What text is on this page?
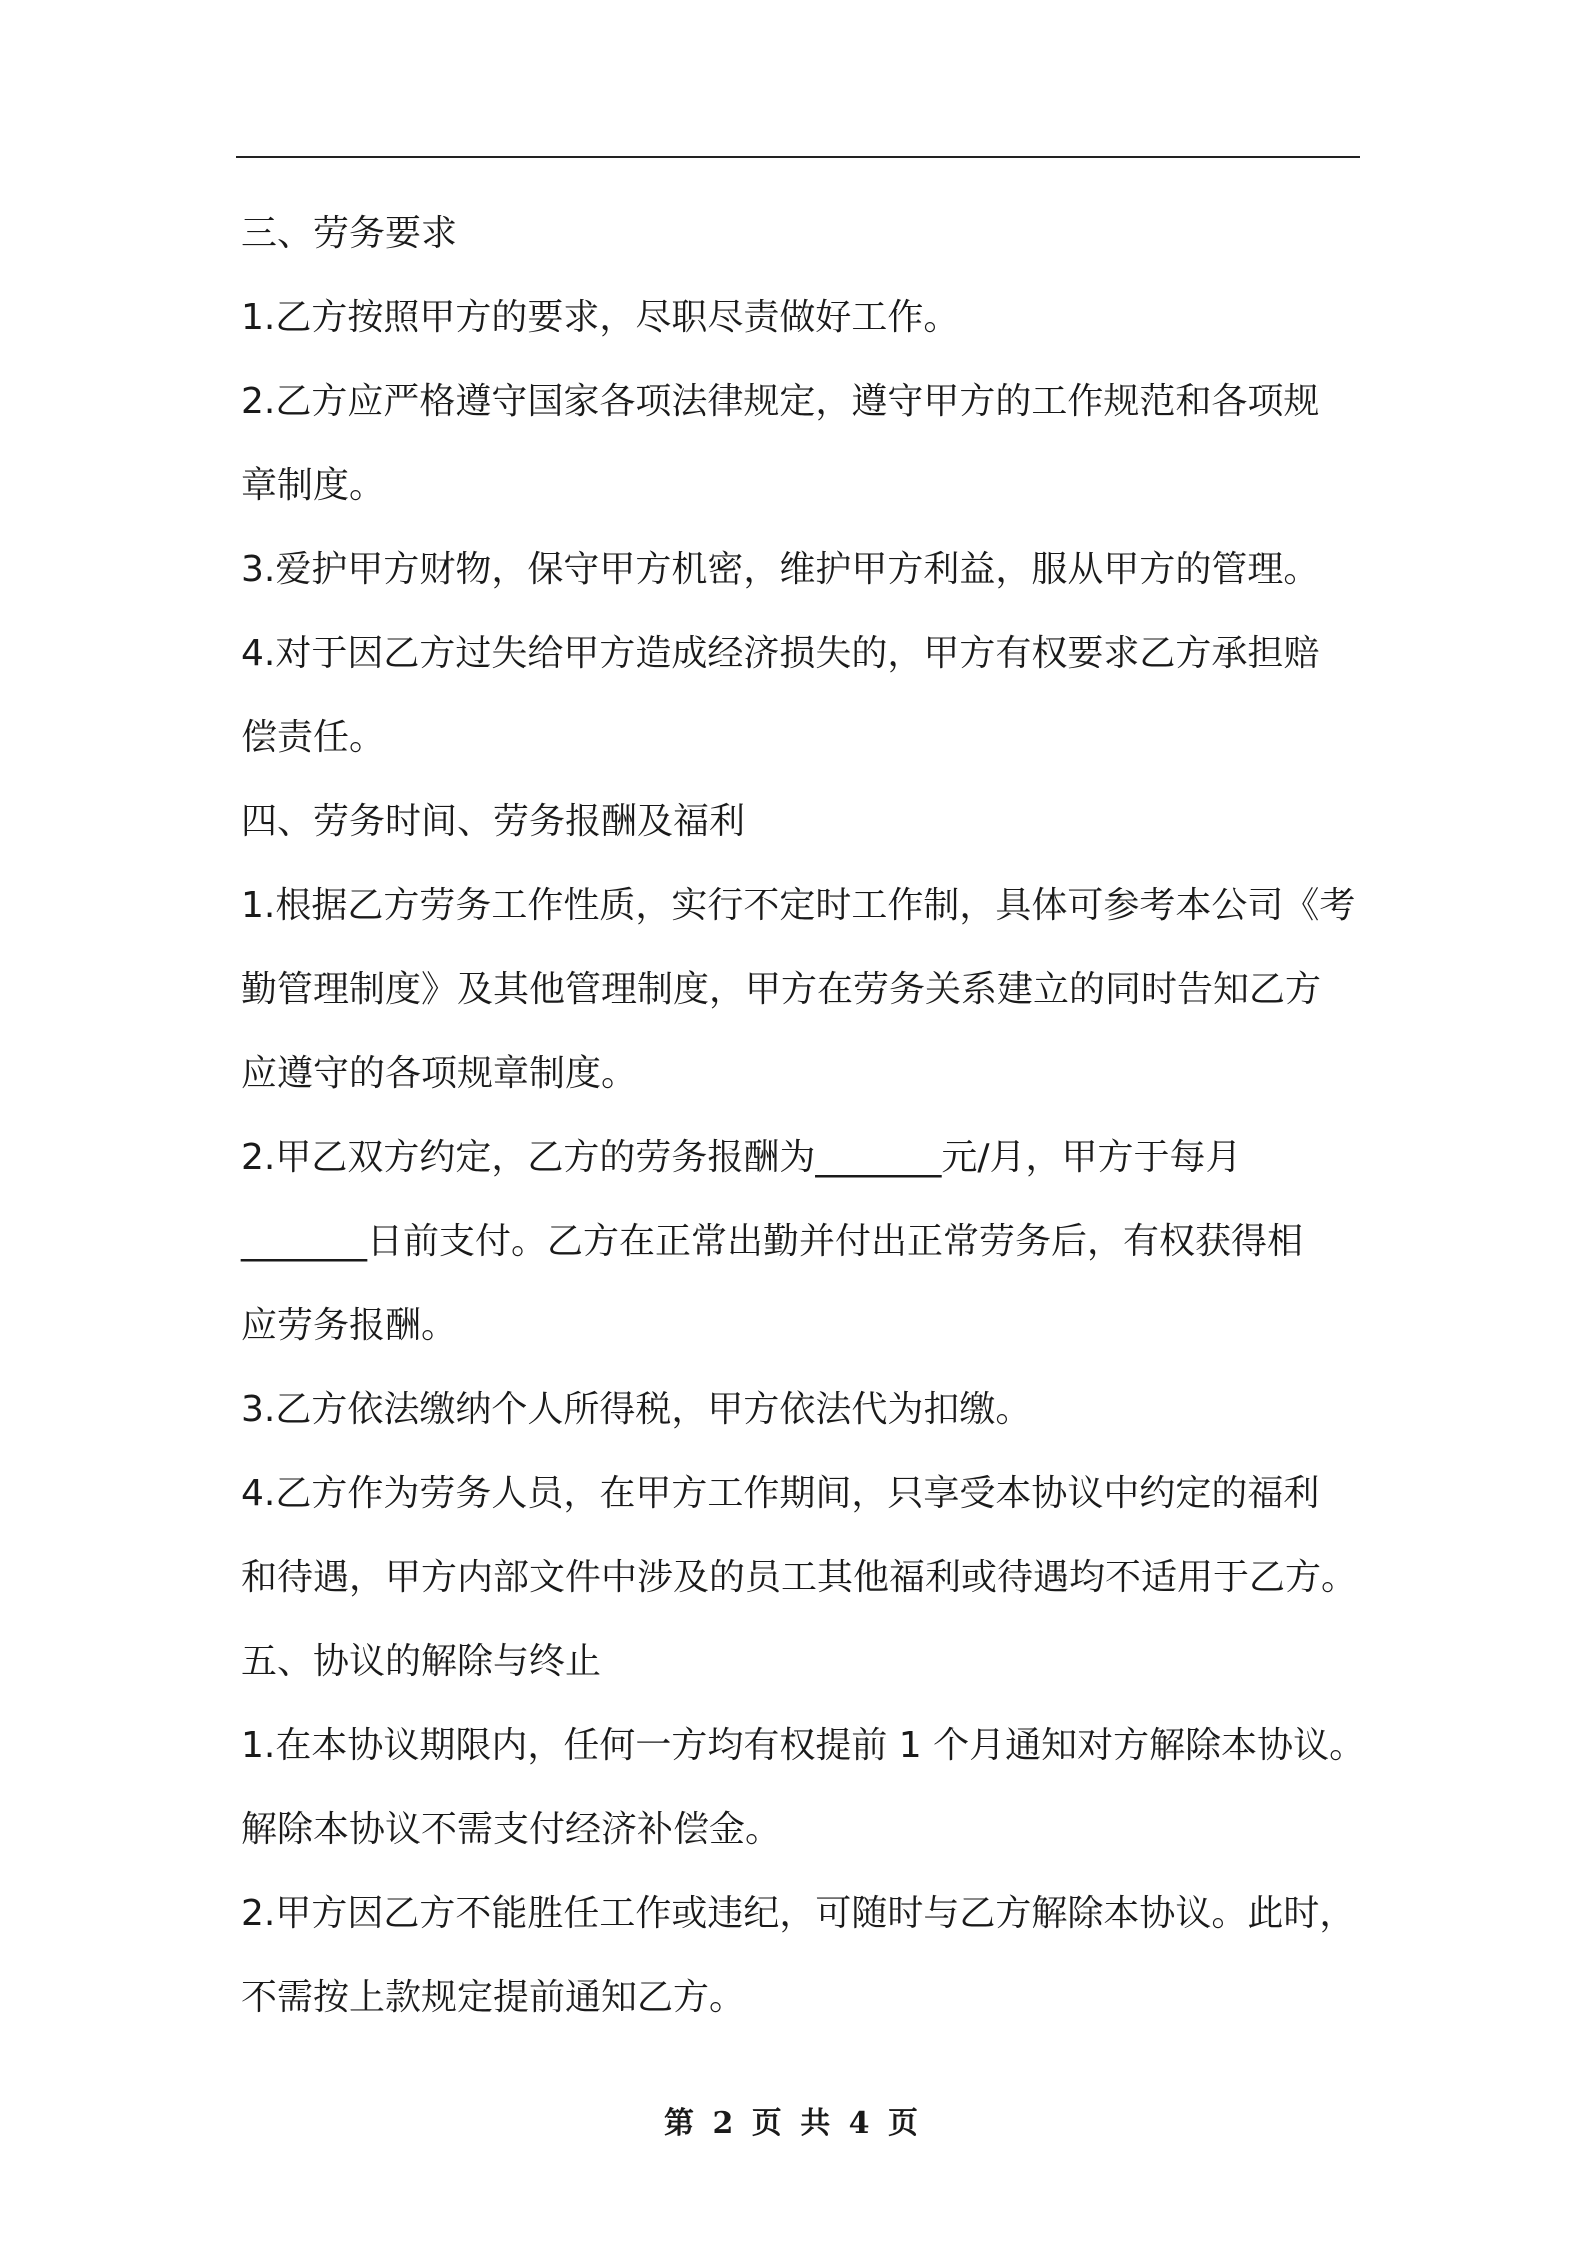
三、劳务要求
1.乙方按照甲方的要求，尽职尽责做好工作。
2.乙方应严格遵守国家各项法律规定，遵守甲方的工作规范和各项规
章制度。
3.爱护甲方财物，保守甲方机密，维护甲方利益，服从甲方的管理。
4.对于因乙方过失给甲方造成经济损失的，甲方有权要求乙方承担赔
偿责任。
四、劳务时间、劳务报酬及福利
1.根据乙方劳务工作性质，实行不定时工作制，具体可参考本公司《考
勤管理制度》及其他管理制度，甲方在劳务关系建立的同时告知乙方
应遵守的各项规章制度。
2.甲乙双方约定，乙方的劳务报酬为_______元/月，甲方于每月
_______日前支付。乙方在正常出勤并付出正常劳务后，有权获得相
应劳务报酬。
3.乙方依法缴纳个人所得税，甲方依法代为扣缴。
4.乙方作为劳务人员，在甲方工作期间，只享受本协议中约定的福利
和待遇，甲方内部文件中涉及的员工其他福利或待遇均不适用于乙方。
五、协议的解除与终止
1.在本协议期限内，任何一方均有权提前 1 个月通知对方解除本协议。
解除本协议不需支付经济补偿金。
2.甲方因乙方不能胜任工作或违纪，可随时与乙方解除本协议。此时，
不需按上款规定提前通知乙方。
第 2 页 共 4 页
